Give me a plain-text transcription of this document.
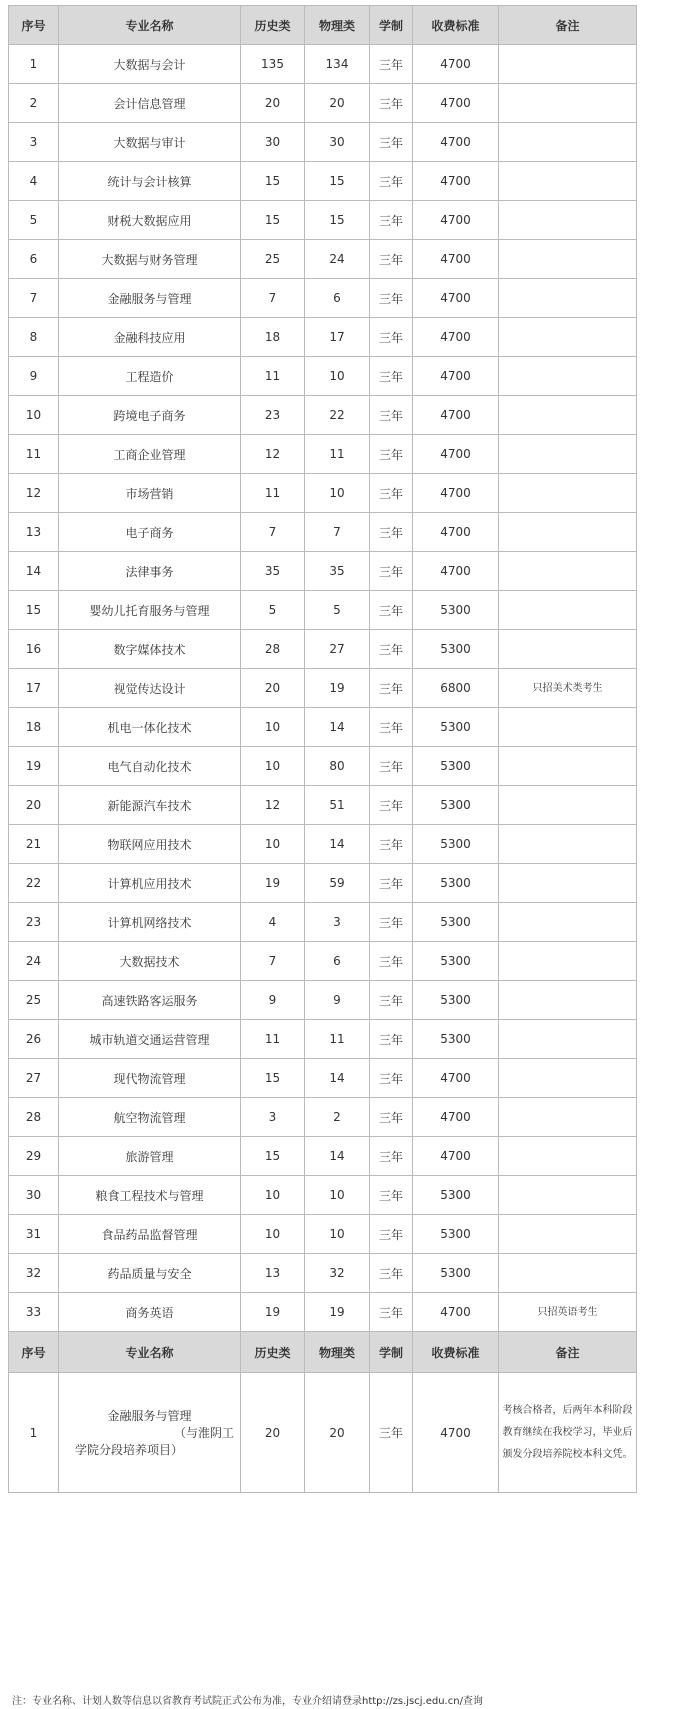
序号	专业名称	历史类	物理类	学制	收费标准	备注
1	大数据与会计	135	134	三年	4700	
2	会计信息管理	20	20	三年	4700	
3	大数据与审计	30	30	三年	4700	
4	统计与会计核算	15	15	三年	4700	
5	财税大数据应用	15	15	三年	4700	
6	大数据与财务管理	25	24	三年	4700	
7	金融服务与管理	7	6	三年	4700	
8	金融科技应用	18	17	三年	4700	
9	工程造价	11	10	三年	4700	
10	跨境电子商务	23	22	三年	4700	
11	工商企业管理	12	11	三年	4700	
12	市场营销	11	10	三年	4700	
13	电子商务	7	7	三年	4700	
14	法律事务	35	35	三年	4700	
15	婴幼儿托育服务与管理	5	5	三年	5300	
16	数字媒体技术	28	27	三年	5300	
17	视觉传达设计	20	19	三年	6800	只招美术类考生
18	机电一体化技术	10	14	三年	5300	
19	电气自动化技术	10	80	三年	5300	
20	新能源汽车技术	12	51	三年	5300	
21	物联网应用技术	10	14	三年	5300	
22	计算机应用技术	19	59	三年	5300	
23	计算机网络技术	4	3	三年	5300	
24	大数据技术	7	6	三年	5300	
25	高速铁路客运服务	9	9	三年	5300	
26	城市轨道交通运营管理	11	11	三年	5300	
27	现代物流管理	15	14	三年	4700	
28	航空物流管理	3	2	三年	4700	
29	旅游管理	15	14	三年	4700	
30	粮食工程技术与管理	10	10	三年	5300	
31	食品药品监督管理	10	10	三年	5300	
32	药品质量与安全	13	32	三年	5300	
33	商务英语	19	19	三年	4700	只招英语考生
序号	专业名称	历史类	物理类	学制	收费标准	备注
1	金融服务与管理
（与淮阴工
学院分段培养项目）	20	20	三年	4700	考核合格者，后两年本科阶段教育继续在我校学习，毕业后颁发分段培养院校本科文凭。
注：专业名称、计划人数等信息以省教育考试院正式公布为准，专业介绍请登录http://zs.jscj.edu.cn/查询
